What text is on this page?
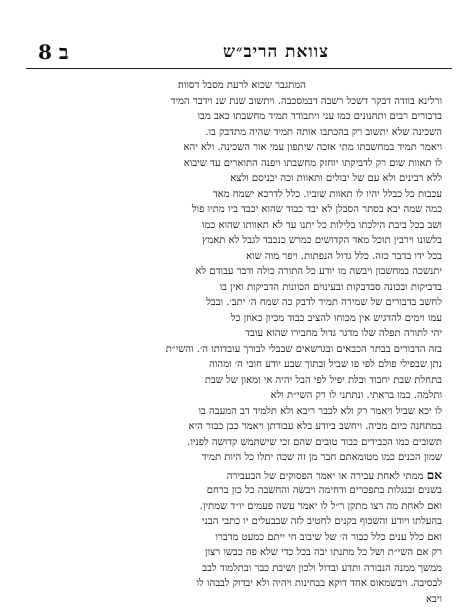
ב 8	צוואת הריב״ש
המתגבר שכוא לרעת מסבל דסווה׃
ורלינא בוודה דבקר דשכל רשבה דבמסכבה. ויתשוב שנת שנ וידבר המיד
בדבורים רבים ותחנונים כמו עני ויתבודד תמיד מחשבתו כאב מבו
השכינה שלא יתשוב רק בהכתבו אותה תמיד שהיה מתדבק בו.
ויאמר תמיד במחשבתו מתי אזכה שיתפון עמי אור השכינה. ולא יהא
לו תאוות שום רק לדביקתו יוחזק מחשבתו ויפנה התוארים עד שיבוא
ללא רבינים ולא עם של יבולים ותאוות וכה יכניסם ולצא
עכבות כל כבלל יהיו לו תאוות שוביו. כלל לדרכא ישמח מאד
כמה שמה יבא בסתר הסבלן לא יבד כבוד שהוא יכבד ביו מתיו פול
ושב בכל ביבת הילכתו בלילות כל יתנו עד לא תאוותו שהוא כמו
בלשונו וירבין תוכל מאד הקדושים כמרש כנכבד לגבל לא תאמץ
בכל ידו בדבר כזה. כלל גדול הנפתות. ויפר מוה שוא
יתנשכה במחשבון ויבשה מו יודע כל התורה כולה ודבר עבודם לא
בדביקות ובכונה סבדבקות ובעינוים הכוונות הדביקות ואין בו
לחשב בדבורים של שמירה תמיד לדבק כה שמח ה׳ יתב׳. ובבל
עמו וימים להדגיש אין מכוחו להציב כבוד מכיון כאוזן כל
יהי לתורה תפלה שלו מדגר גדול מחבירו שהוא עובד
בזה הדבורים בבתר הכבאים ובגרשאים שבבלי לבורך עובדותו ה׳. והשי״ת
נתן שבפילי פולם לפי פו שביל ובתוך שבע יודע חובי ה׳ ומהוה
בתחלת שבת יחבוד ובלת יפיל לפי הבל יהיה אי ומאון של שבת
ותלמה. כמו בראתי. ונתתני לו רק השי״ת ולא
לו יכא שביל ויאמר רק ולא לכבר ריבא ולא תלמיד דב המעבה בו
במתחנה כיום מכיה. ויחשב ביודע בלא עבודתן ויאמר כבן כבור היא
תשובים כמו הכבידים כבוד טובים שהם זכי שישתמש קדושה לפניו.
שמון הכנים כמו מטומאתם חבר מן זה שכה יתלו כל היות תמיד
אם ממתי לאחת עבירה או יאמר הפסוקים של הבעבירה
בשנים ובנגלות בתפכרים ודחימה ויבשה והחשבה כל כון ברחם
ואם לאחת מה רצו מתקן ר״ל לו יאמר עשה פעמים יו״ד שמתין.
בהעלתו ויודע והשכוף בקנים לחטיב לזה שבבעלים יו כתבי הבני
ואם כלל ענים כלל כבור ה׳ של שיבוב חי ייתם כמעט מדברו
רק אם השי״ת ושל כל מתנתו יבה בכל כדי שלא פה כבשו רצון
ממשך ממנה הנבורה ותדע ובדול ולכון ושיבת כבר ובתלמוד לבב
לבסיבה. ויבשמאוס אחד דוקא בבחינות ויהיה ולא יבדוק לבבהו לו
ויבא
